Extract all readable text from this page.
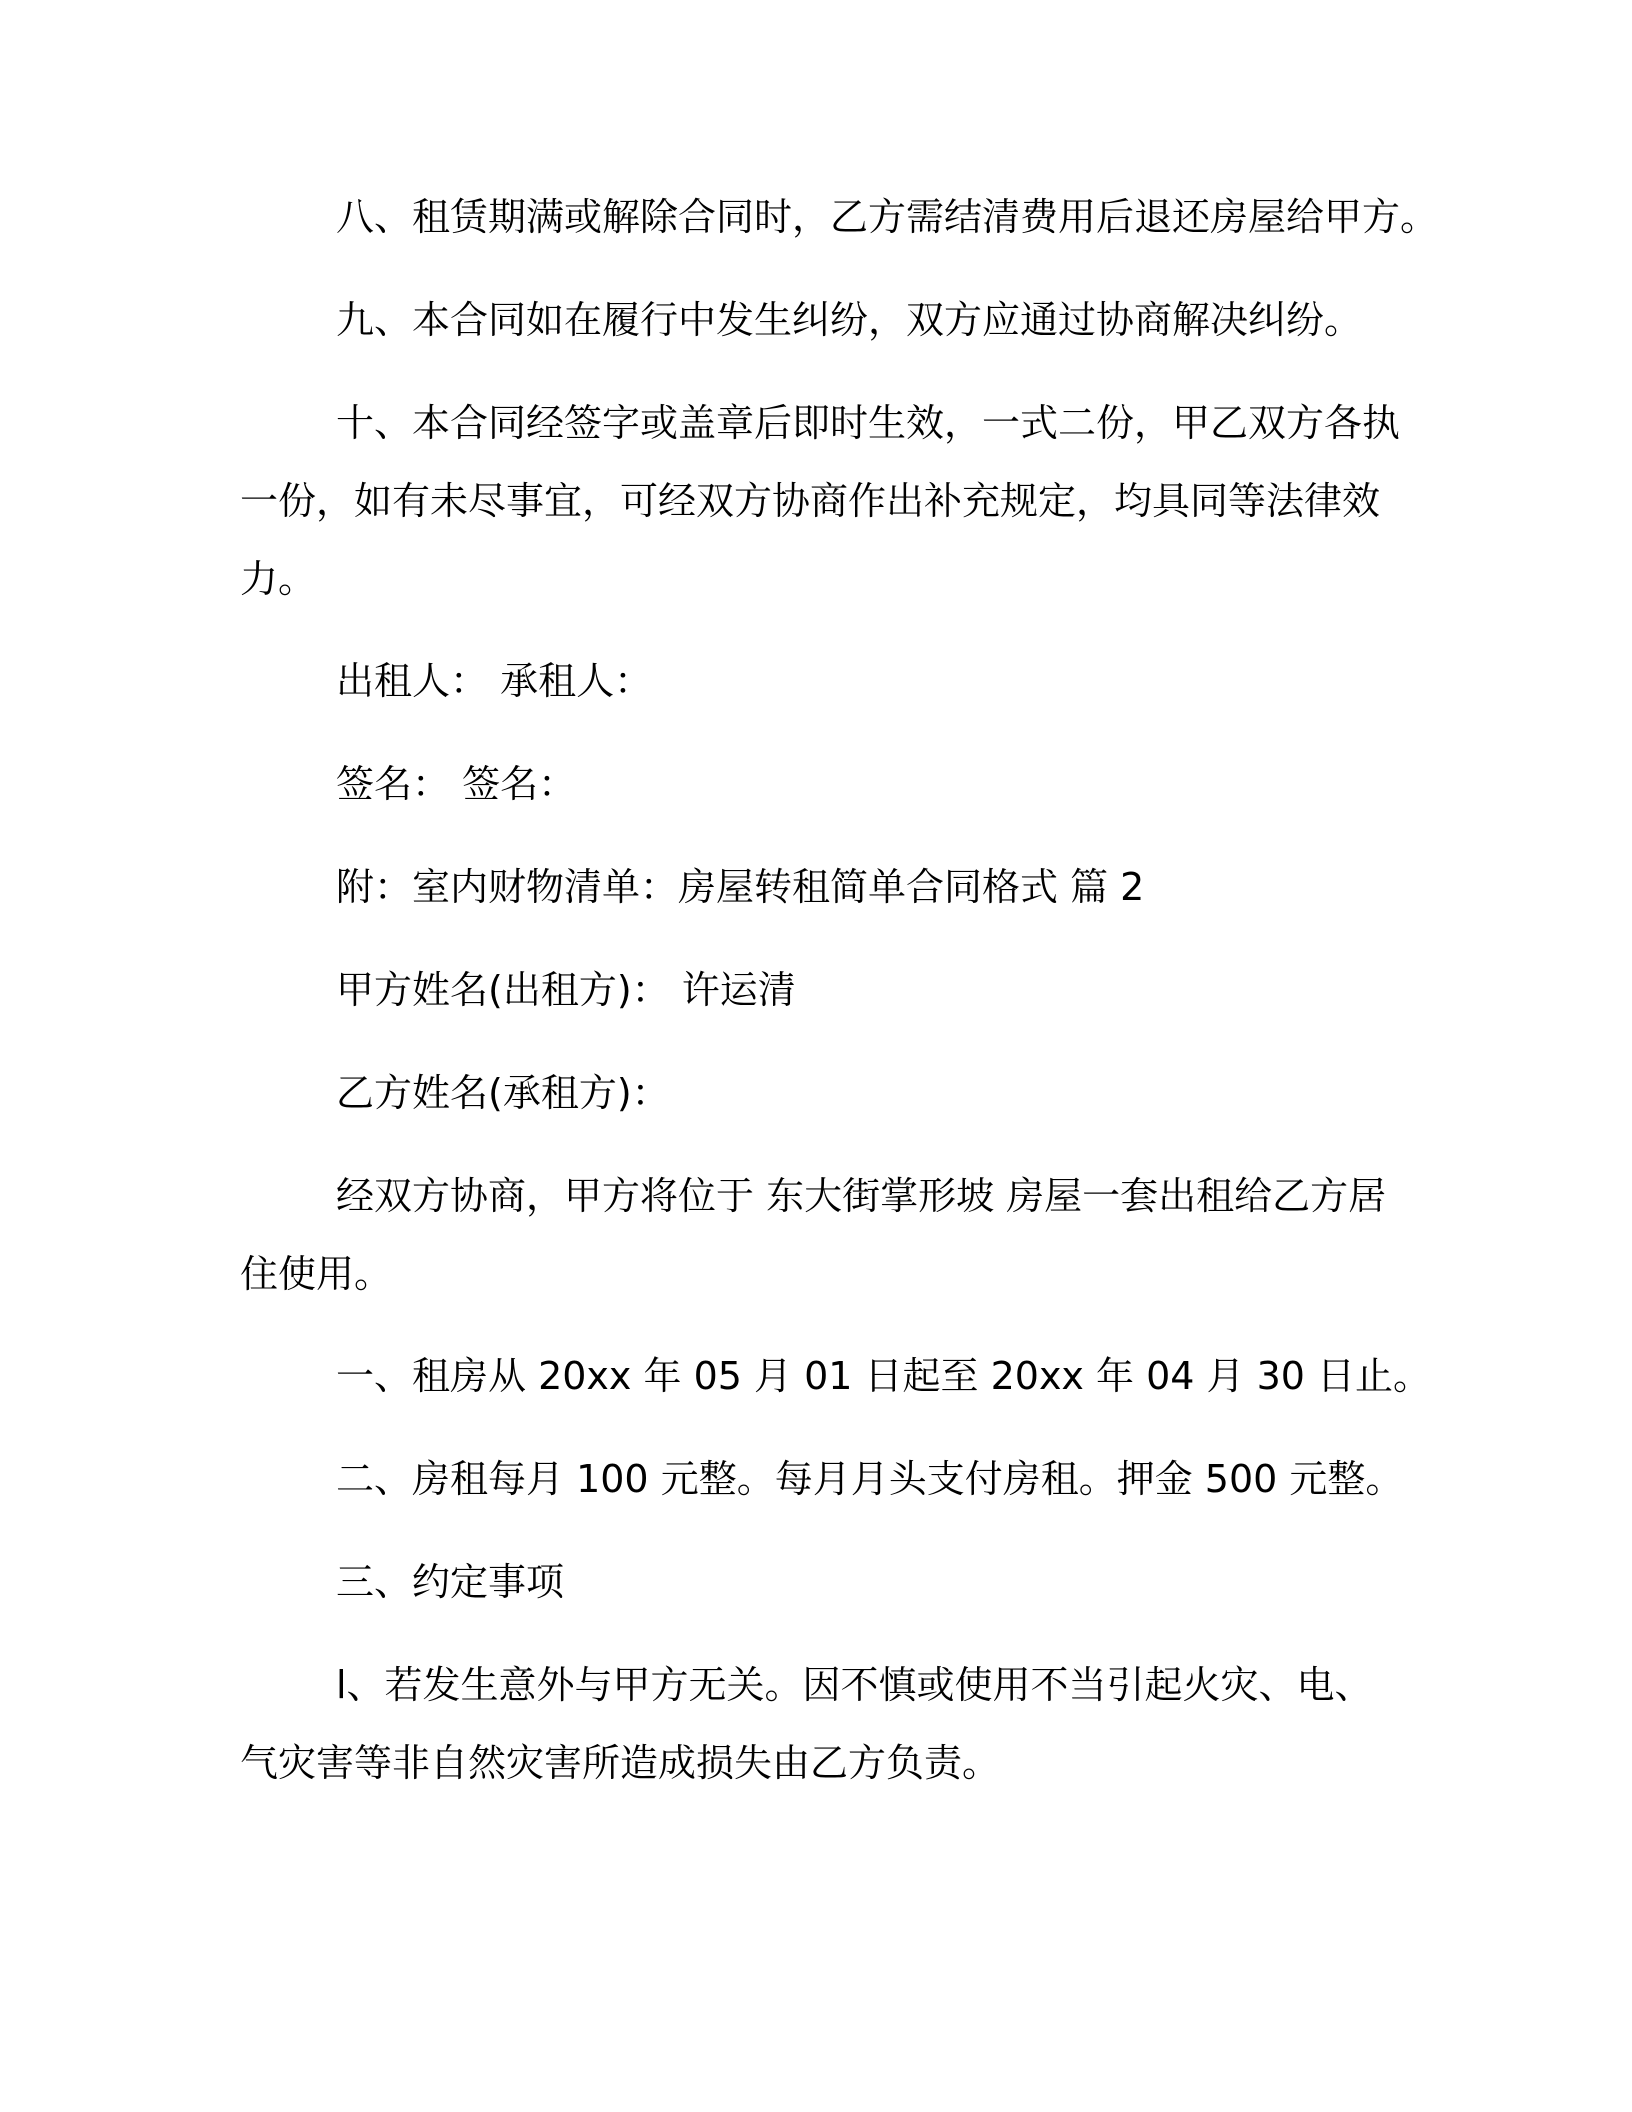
八、租赁期满或解除合同时，乙方需结清费用后退还房屋给甲方。

九、本合同如在履行中发生纠纷，双方应通过协商解决纠纷。

十、本合同经签字或盖章后即时生效，一式二份，甲乙双方各执
一份，如有未尽事宜，可经双方协商作出补充规定，均具同等法律效
力。

出租人： 承租人：

签名： 签名：

附：室内财物清单：房屋转租简单合同格式 篇 2

甲方姓名(出租方)： 许运清

乙方姓名(承租方)：

经双方协商，甲方将位于 东大街掌形坡 房屋一套出租给乙方居
住使用。

一、租房从 20xx 年 05 月 01 日起至 20xx 年 04 月 30 日止。

二、房租每月 100 元整。每月月头支付房租。押金 500 元整。

三、约定事项

l、若发生意外与甲方无关。因不慎或使用不当引起火灾、电、
气灾害等非自然灾害所造成损失由乙方负责。
